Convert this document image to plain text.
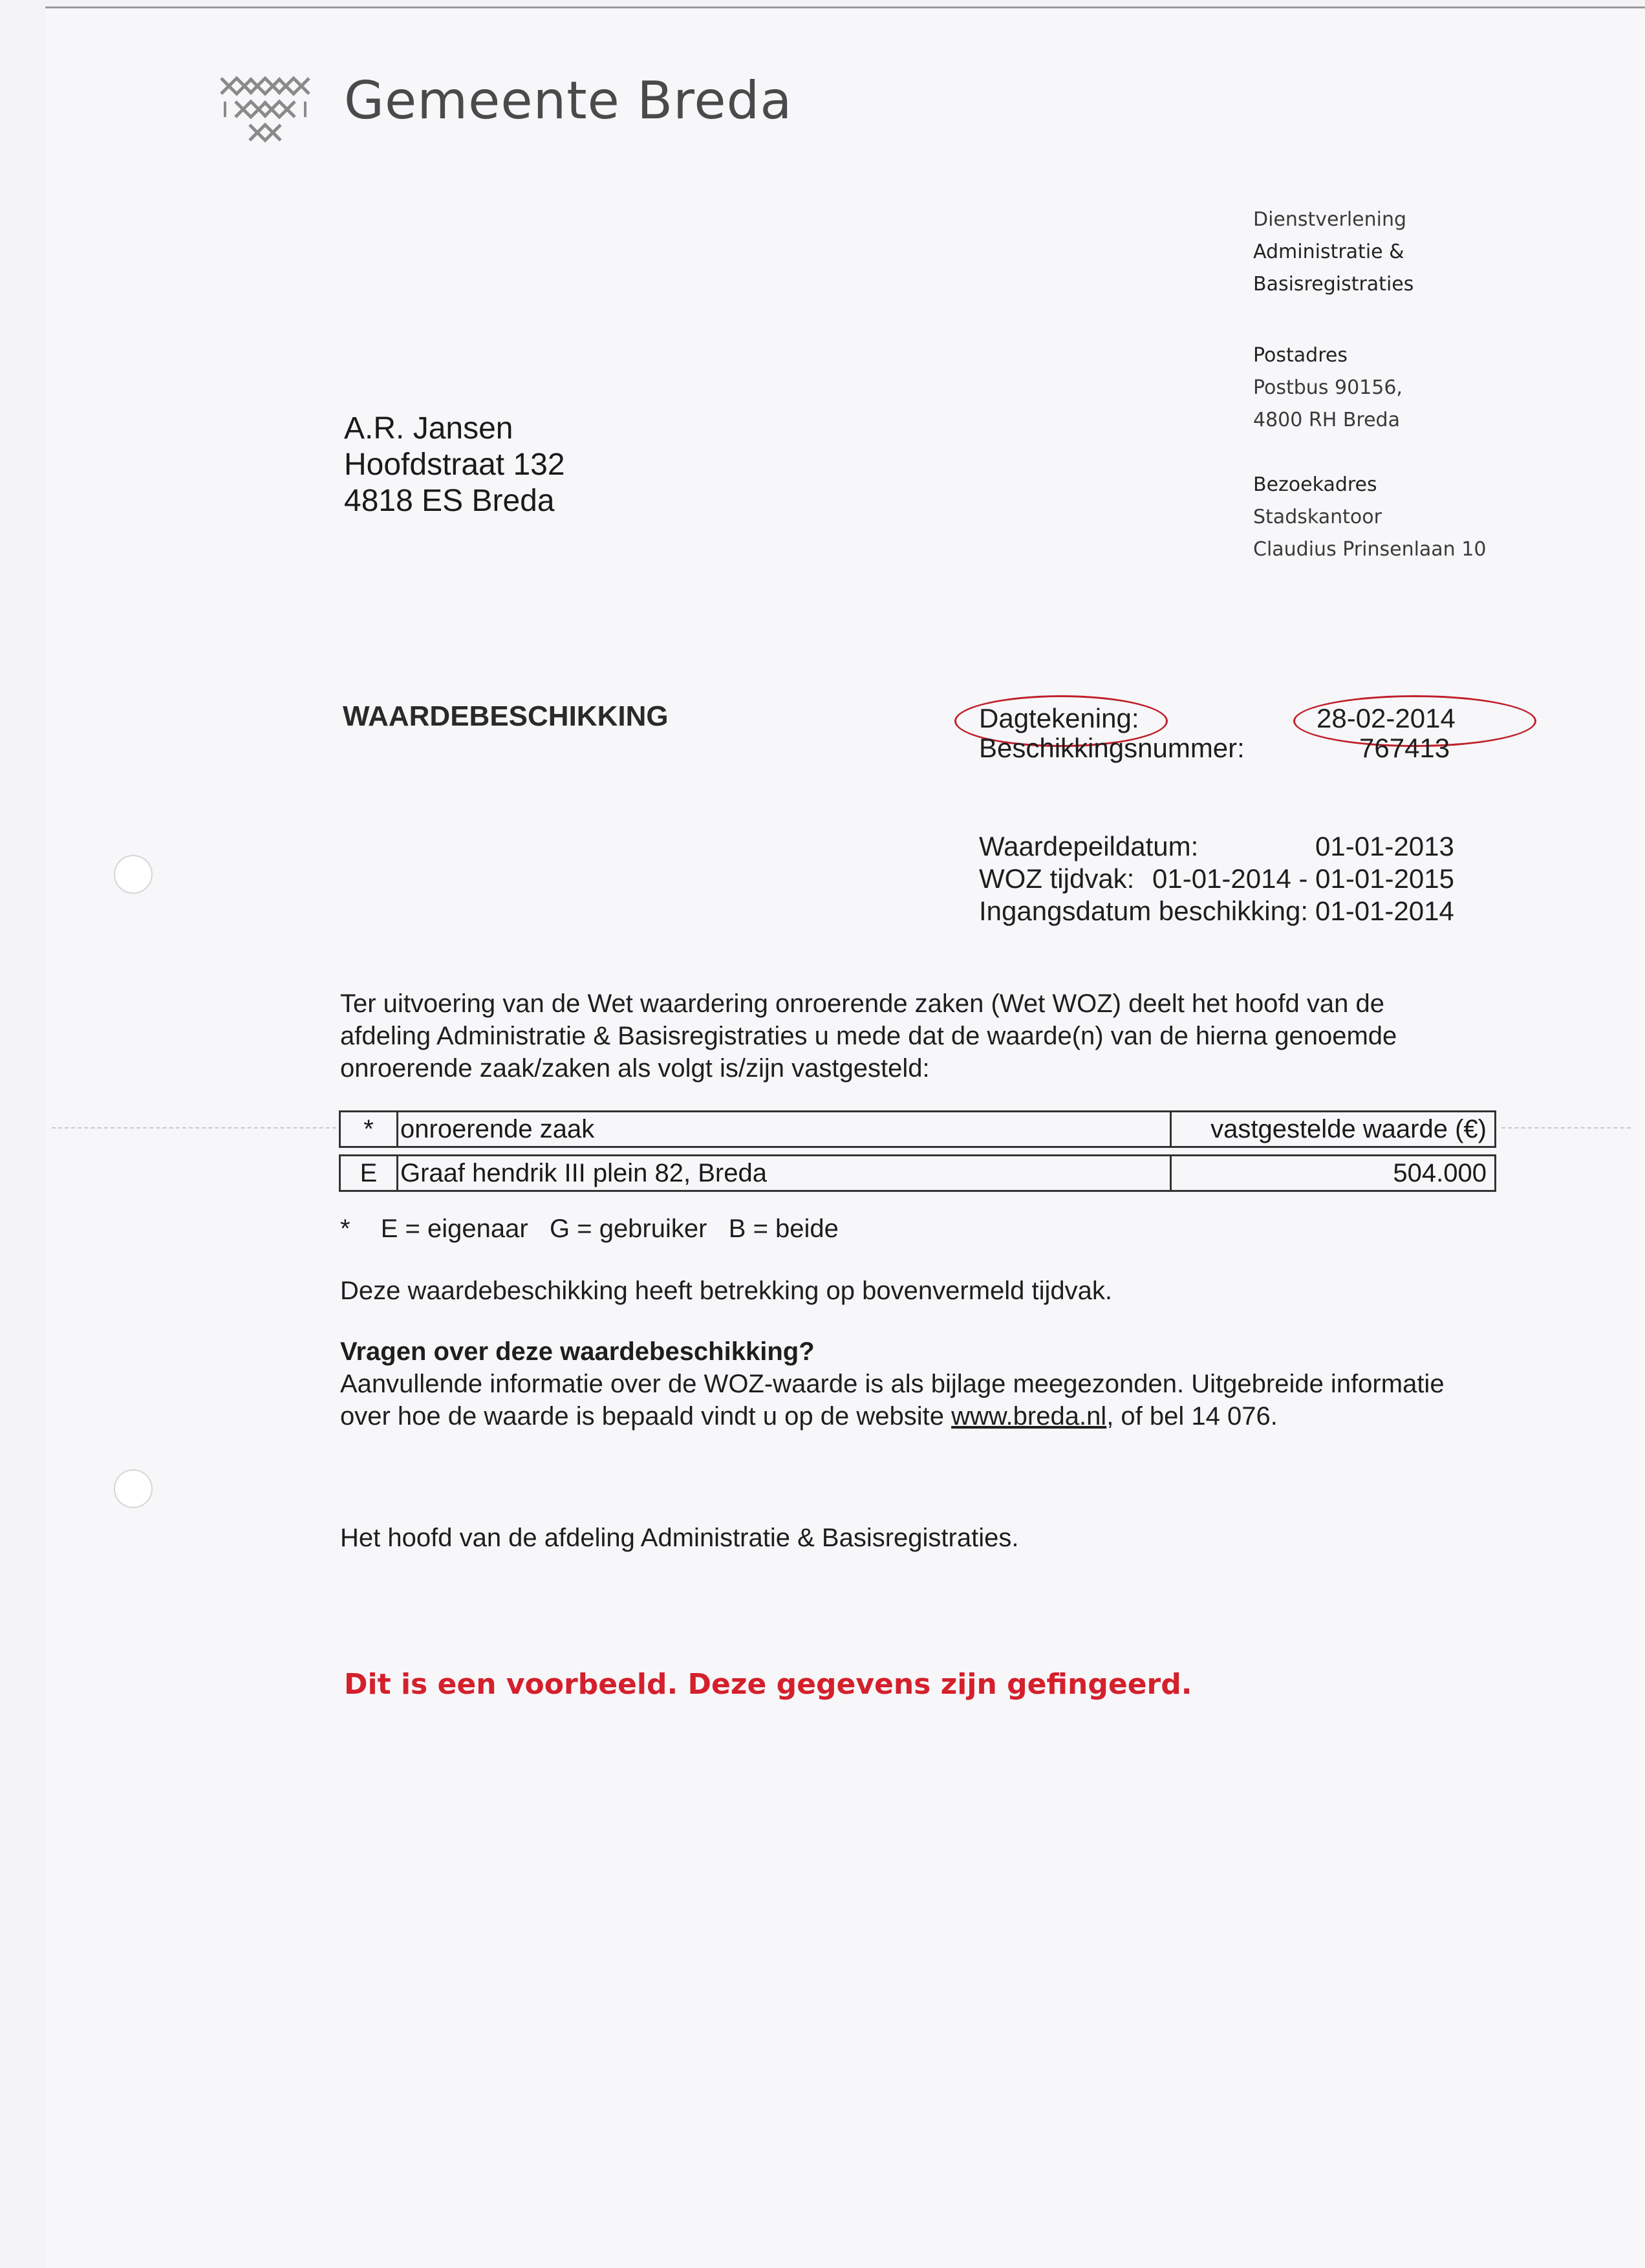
Gemeente Breda
Dienstverlening
Administratie &
Basisregistraties
Postadres
Postbus 90156,
4800 RH Breda
Bezoekadres
Stadskantoor
Claudius Prinsenlaan 10
A.R. Jansen
Hoofdstraat 132
4818 ES Breda
WAARDEBESCHIKKING	Dagtekening:	28-02-2014
Beschikkingsnummer:	767413
Waardepeildatum:	01-01-2013
WOZ tijdvak: 01-01-2014 - 01-01-2015
Ingangsdatum beschikking: 01-01-2014
Ter uitvoering van de Wet waardering onroerende zaken (Wet WOZ) deelt het hoofd van de
afdeling Administratie & Basisregistraties u mede dat de waarde(n) van de hierna genoemde
onroerende zaak/zaken als volgt is/zijn vastgesteld:
*	onroerende zaak	vastgestelde waarde (€)
E Graaf hendrik III plein 82, Breda	504.000
* E = eigenaar   G = gebruiker   B = beide
Deze waardebeschikking heeft betrekking op bovenvermeld tijdvak.
Vragen over deze waardebeschikking?
Aanvullende informatie over de WOZ-waarde is als bijlage meegezonden. Uitgebreide informatie
over hoe de waarde is bepaald vindt u op de website www.breda.nl, of bel 14 076.
Het hoofd van de afdeling Administratie & Basisregistraties.
Dit is een voorbeeld. Deze gegevens zijn gefingeerd.
